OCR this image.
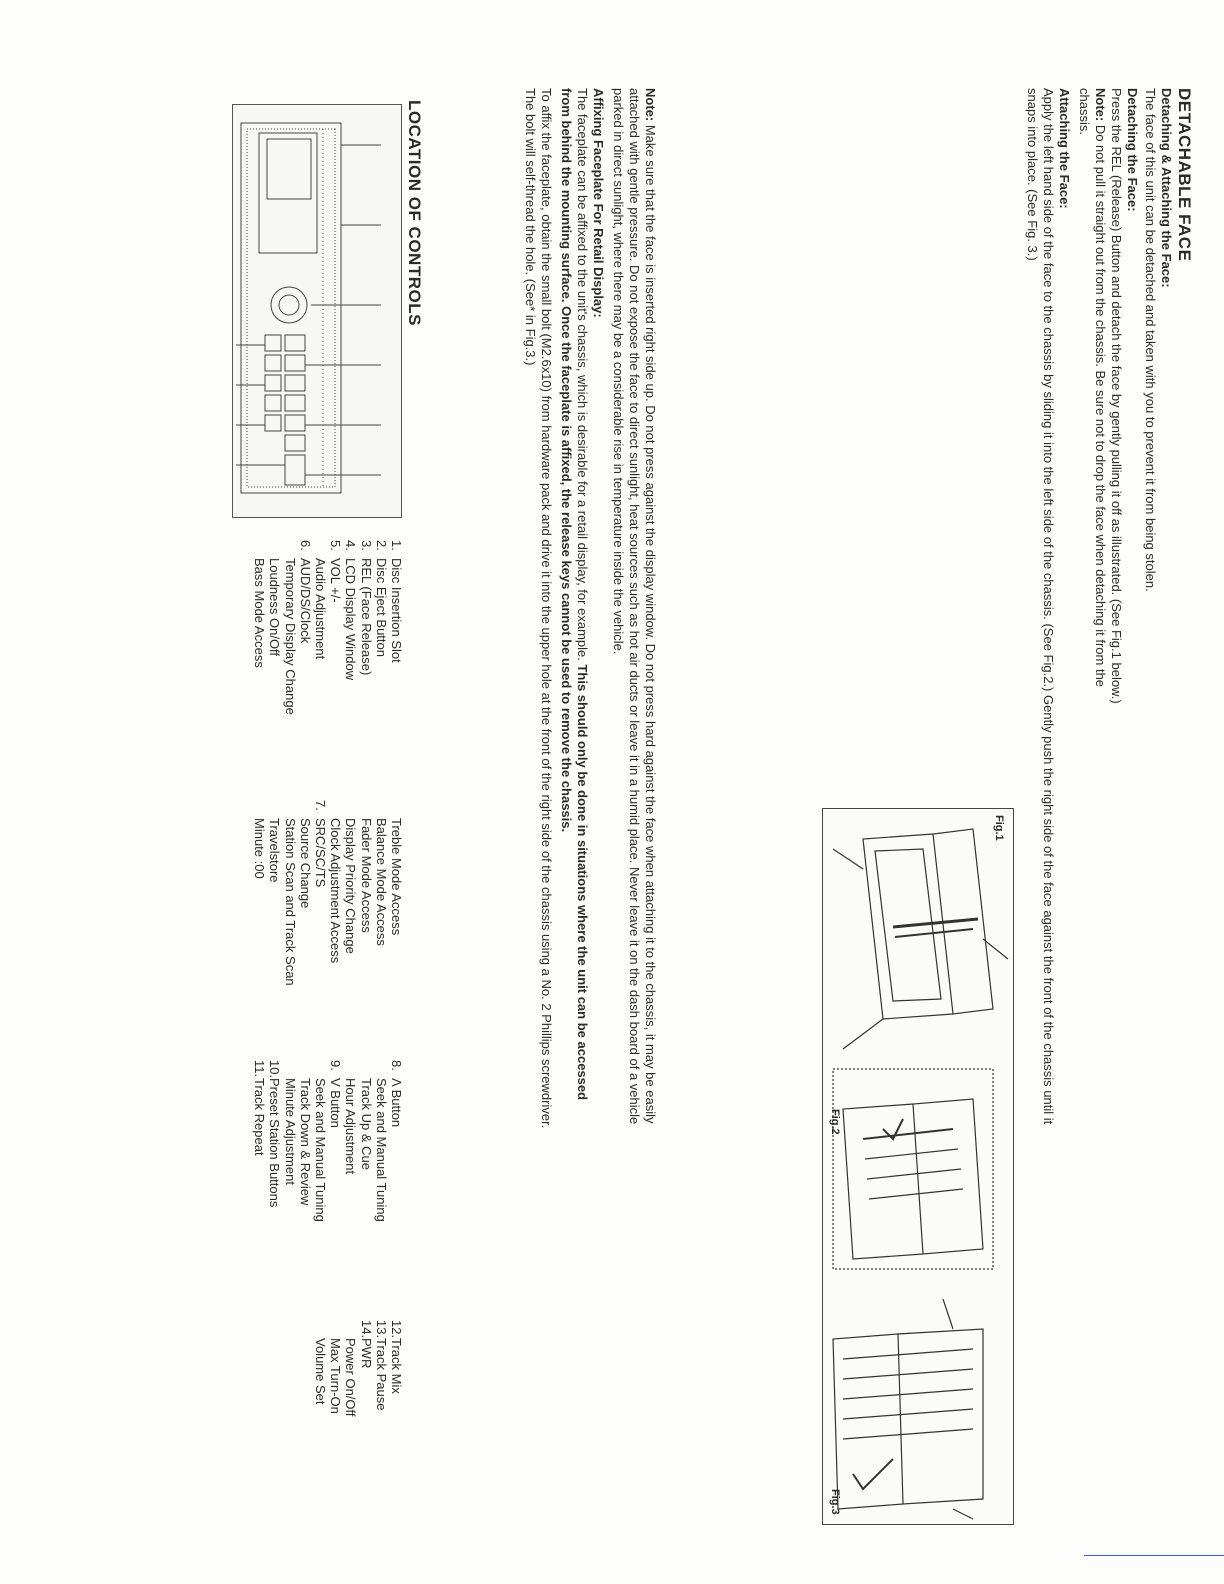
DETACHABLE FACE
Detaching & Attaching the Face:
The face of this unit can be detached and taken with you to prevent it from being stolen.
Detaching the Face:
Press the REL (Release) Button and detach the face by gently pulling it off as illustrated. (See Fig.1 below.)
Note: Do not pull it straight out from the chassis. Be sure not to drop the face when detaching it from the
chassis.
Attaching the Face:
Apply the left hand side of the face to the chassis by sliding it into the left side of the chassis. (See Fig.2.) Gently push the right side of the face against the front of the chassis until it
snaps into place. (See Fig. 3.)
Fig.1
Fig.2
Fig.3
Note: Make sure that the face is inserted right side up. Do not press against the display window. Do not press hard against the face when attaching it to the chassis, it may be easily
attached with gentle pressure. Do not expose the face to direct sunlight, heat sources such as hot air ducts or leave it in a humid place. Never leave it on the dash board of a vehicle
parked in direct sunlight, where there may be a considerable rise in temperature inside the vehicle.
Affixing Faceplate For Retail Display:
The faceplate can be affixed to the unit's chassis, which is desirable for a retail display, for example. This should only be done in situations where the unit can be accessed
from behind the mounting surface. Once the faceplate is affixed, the release keys cannot be used to remove the chassis.
To affix the faceplate, obtain the small bolt (M2.6x10) from hardware pack and drive it into the upper hole at the front of the right side of the chassis using a No. 2 Phillips screwdriver.
The bolt will self-thread the hole. (See* in Fig.3.)
LOCATION OF CONTROLS
1.Disc Insertion Slot
2.Disc Eject Button
3.REL (Face Release)
4.LCD Display Window
5.VOL +/-
Audio Adjustment
6.AUD/DS/Clock
Temporary Display Change
Loudness On/Off
Bass Mode Access
Treble Mode Access
Balance Mode Access
Fader Mode Access
Display Priority Change
Clock Adjustment Access
7.SRC/SC/TS
Source Change
Station Scan and Track Scan
Travelstore
Minute :00
8.Λ Button
Seek and Manual Tuning
Track Up & Cue
Hour Adjustment
9.V Button
Seek and Manual Tuning
Track Down & Review
Minute Adjustment
10.Preset Station Buttons
11.Track Repeat
12.Track Mix
13.Track Pause
14.PWR
Power On/Off
Max Turn-On
Volume Set
